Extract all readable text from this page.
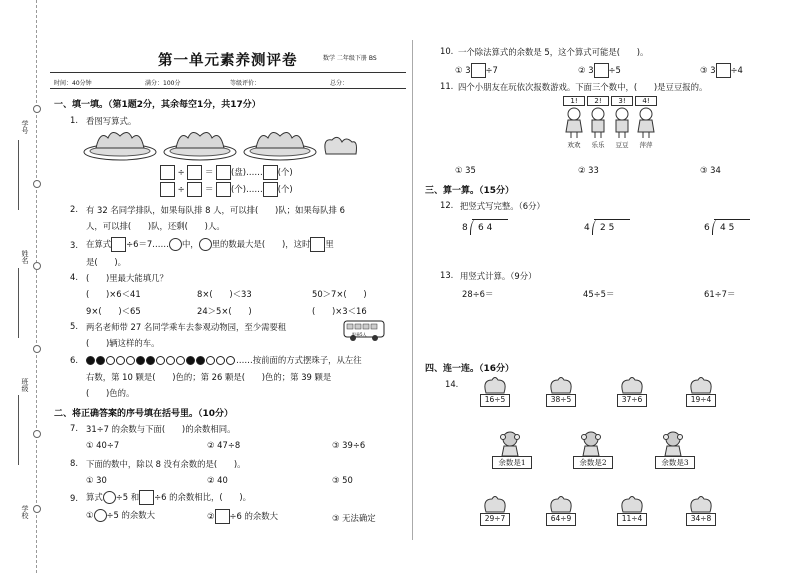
学号
姓名
班级
学校
第一单元素养测评卷	数学 二年级下册 BS
时间：40分钟	满分：100分	等级评价：	总分：
一、填一填。（第1题2分，其余每空1分，共17分）
1. 看图写算式。
÷  ＝ (盘)…… (个)
÷  ＝ (个)…… (个)
2. 有 32 名同学排队，如果每队排 8 人，可以排(　　)队；如果每队排 6
人，可以排(　　)队，还剩(　　)人。
3. 在算式 ÷6＝7…… 中， 里的数最大是(　　)，这时 里
是(　　)。
4. (　　)里最大能填几？
(　　)×6＜41	8×(　　)＜33	50＞7×(　　)
9×(　　)＜65	24＞5×(　　)	(　　)×3＜16
5. 两名老师带 27 名同学乘车去参观动物园，至少需要租
(　　)辆这样的车。
限乘5人
6.	……按前面的方式摆珠子，从左往
右数，第 10 颗是(　　)色的；第 26 颗是(　　)色的；第 39 颗是
(　　)色的。
二、将正确答案的序号填在括号里。（10分）
7. 31÷7 的余数与下面(　　)的余数相同。
① 40÷7	② 47÷8	③ 39÷6
8. 下面的数中，除以 8 没有余数的是(　　)。
① 30	② 40	③ 50
9. 算式 ÷5 和 ÷6 的余数相比，(　　)。
① ÷5 的余数大	② ÷6 的余数大	③ 无法确定
10. 一个除法算式的余数是 5，这个算式可能是(　　)。
① 3 ÷7	② 3 ÷5	③ 3 ÷4
11. 四个小朋友在玩依次报数游戏。下面三个数中，(　　)是豆豆报的。
1!
欢欢
2!
乐乐
3!
豆豆
4!
萍萍
① 35	② 33	③ 34
三、算一算。（15分）
12. 把竖式写完整。（6分）
8 6 4	4 2 5	6 4 5
13. 用竖式计算。（9分）
28÷6＝	45÷5＝	61÷7＝
四、连一连。（16分）
14.
16÷5	38÷5	37÷6	19÷4
余数是1	余数是2	余数是3
29÷7	64÷9	11÷4	34÷8
